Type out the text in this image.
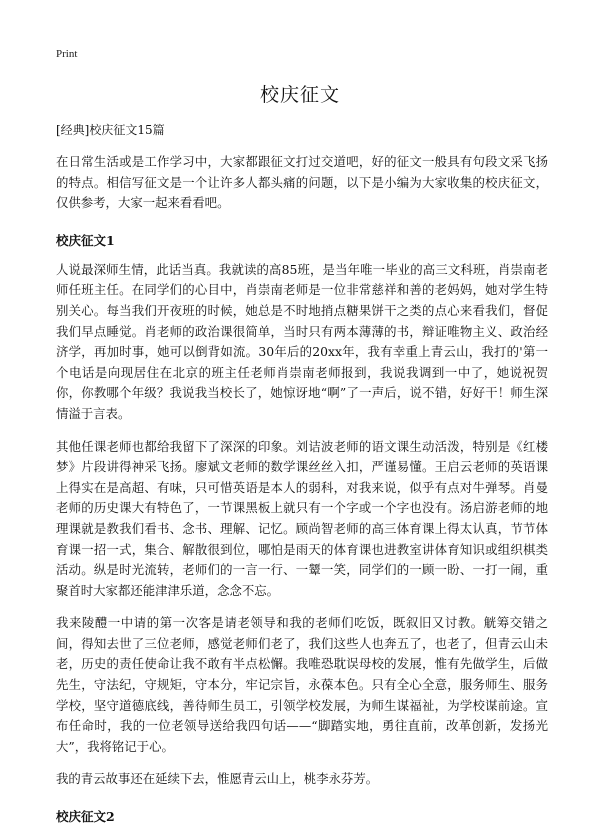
Print
校庆征文

[经典]校庆征文15篇

在日常生活或是工作学习中，大家都跟征文打过交道吧，好的征文一般具有句段文采飞扬的特点。相信写征文是一个让许多人都头痛的问题，以下是小编为大家收集的校庆征文，仅供参考，大家一起来看看吧。

校庆征文1

人说最深师生情，此话当真。我就读的高85班，是当年唯一毕业的高三文科班，肖崇南老师任班主任。在同学们的心目中，肖崇南老师是一位非常慈祥和善的老妈妈，她对学生特别关心。每当我们开夜班的时候，她总是不时地捎点糖果饼干之类的点心来看我们，督促我们早点睡觉。肖老师的政治课很简单，当时只有两本薄薄的书，辩证唯物主义、政治经济学，再加时事，她可以倒背如流。30年后的20xx年，我有幸重上青云山，我打的'第一个电话是向现居住在北京的班主任老师肖崇南老师报到，我说我调到一中了，她说祝贺你，你教哪个年级？我说我当校长了，她惊讶地“啊”了一声后，说不错，好好干！师生深情溢于言表。

其他任课老师也都给我留下了深深的印象。刘诘波老师的语文课生动活泼，特别是《红楼梦》片段讲得神采飞扬。廖斌文老师的数学课丝丝入扣，严谨易懂。王启云老师的英语课上得实在是高超、有味，只可惜英语是本人的弱科，对我来说，似乎有点对牛弹琴。肖曼老师的历史课大有特色了，一节课黑板上就只有一个字或一个字也没有。汤启游老师的地理课就是教我们看书、念书、理解、记忆。顾尚智老师的高三体育课上得太认真，节节体育课一招一式，集合、解散很到位，哪怕是雨天的体育课也进教室讲体育知识或组织棋类活动。纵是时光流转，老师们的一言一行、一颦一笑，同学们的一顾一盼、一打一闹，重聚首时大家都还能津津乐道，念念不忘。

我来陵醴一中请的第一次客是请老领导和我的老师们吃饭，既叙旧又讨教。觥筹交错之间，得知去世了三位老师，感觉老师们老了，我们这些人也奔五了，也老了，但青云山未老，历史的责任使命让我不敢有半点松懈。我唯恐耽误母校的发展，惟有先做学生，后做先生，守法纪，守规矩，守本分，牢记宗旨，永葆本色。只有全心全意，服务师生、服务学校，坚守道德底线，善待师生员工，引领学校发展，为师生谋福祉，为学校谋前途。宣布任命时，我的一位老领导送给我四句话——“脚踏实地，勇往直前，改革创新，发扬光大”，我将铭记于心。

我的青云故事还在延续下去，惟愿青云山上，桃李永芬芳。

校庆征文2
